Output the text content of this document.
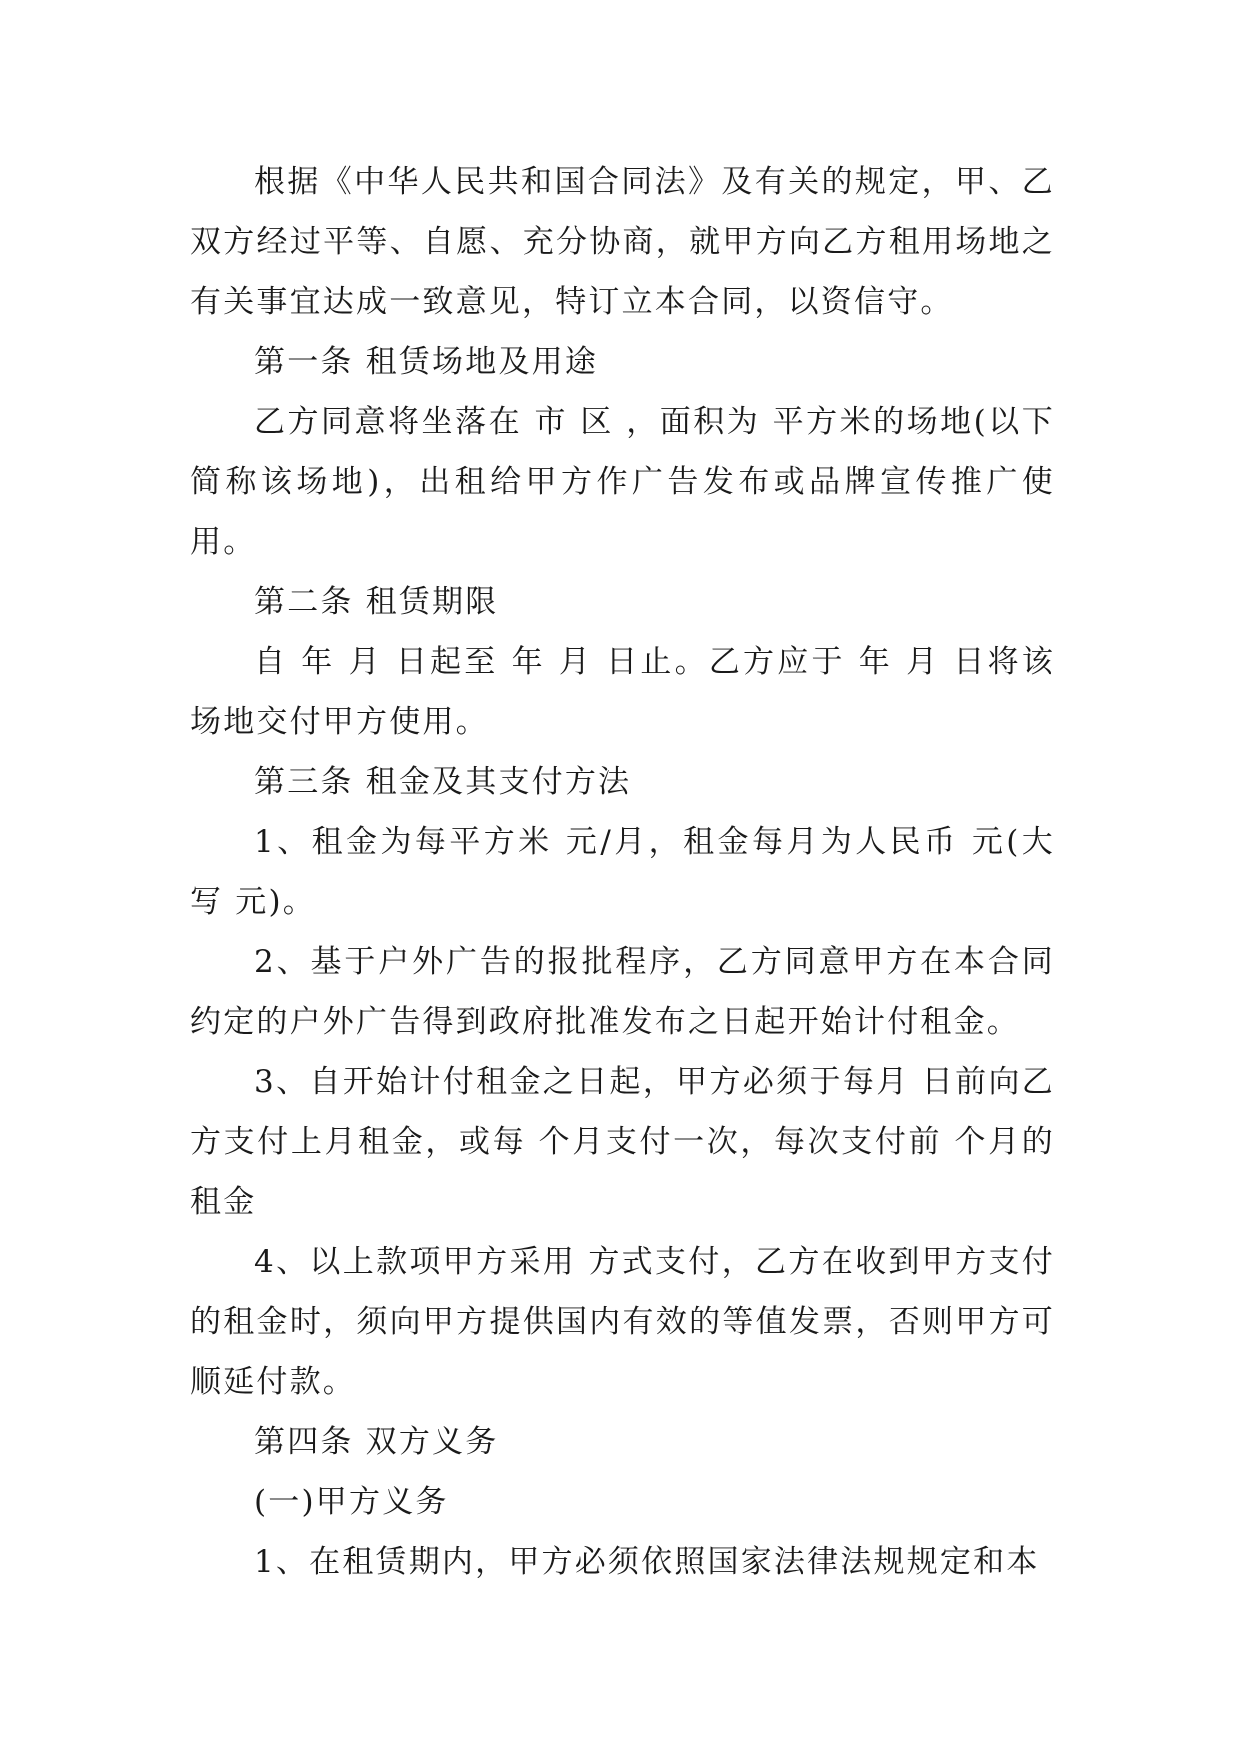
根据《中华人民共和国合同法》及有关的规定，甲、乙双方经过平等、自愿、充分协商，就甲方向乙方租用场地之有关事宜达成一致意见，特订立本合同，以资信守。

第一条 租赁场地及用途

乙方同意将坐落在 市 区 ，面积为 平方米的场地(以下简称该场地)，出租给甲方作广告发布或品牌宣传推广使用。

第二条 租赁期限

自 年 月 日起至 年 月 日止。乙方应于 年 月 日将该场地交付甲方使用。

第三条 租金及其支付方法

1、租金为每平方米 元/月，租金每月为人民币 元(大写 元)。

2、基于户外广告的报批程序，乙方同意甲方在本合同约定的户外广告得到政府批准发布之日起开始计付租金。

3、自开始计付租金之日起，甲方必须于每月 日前向乙方支付上月租金，或每 个月支付一次，每次支付前 个月的租金

4、以上款项甲方采用 方式支付，乙方在收到甲方支付的租金时，须向甲方提供国内有效的等值发票，否则甲方可顺延付款。

第四条 双方义务

(一)甲方义务

1、在租赁期内，甲方必须依照国家法律法规规定和本
